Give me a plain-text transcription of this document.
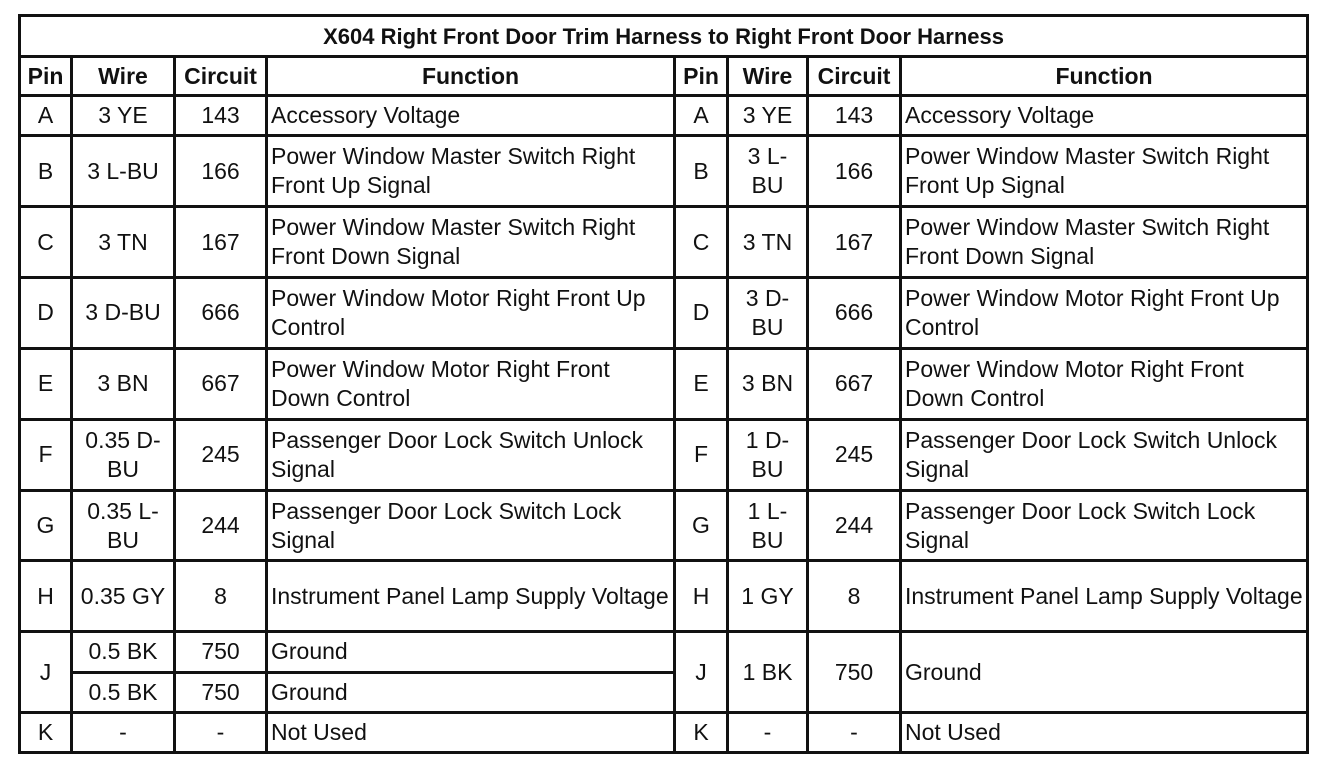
X604 Right Front Door Trim Harness to Right Front Door Harness							
Pin	Wire	Circuit	Function	Pin	Wire	Circuit	Function
A	3 YE	143	Accessory Voltage	A	3 YE	143	Accessory Voltage
B	3 L-BU	166	Power Window Master Switch Right Front Up Signal	B	3 L-BU	166	Power Window Master Switch Right Front Up Signal
C	3 TN	167	Power Window Master Switch Right Front Down Signal	C	3 TN	167	Power Window Master Switch Right Front Down Signal
D	3 D-BU	666	Power Window Motor Right Front Up Control	D	3 D-BU	666	Power Window Motor Right Front Up Control
E	3 BN	667	Power Window Motor Right Front Down Control	E	3 BN	667	Power Window Motor Right Front Down Control
F	0.35 D-BU	245	Passenger Door Lock Switch Unlock Signal	F	1 D-BU	245	Passenger Door Lock Switch Unlock Signal
G	0.35 L-BU	244	Passenger Door Lock Switch Lock Signal	G	1 L-BU	244	Passenger Door Lock Switch Lock Signal
H	0.35 GY	8	Instrument Panel Lamp Supply Voltage	H	1 GY	8	Instrument Panel Lamp Supply Voltage
J	0.5 BK	750	Ground	J	1 BK	750	Ground
	0.5 BK	750	Ground				
K	-	-	Not Used	K	-	-	Not Used
